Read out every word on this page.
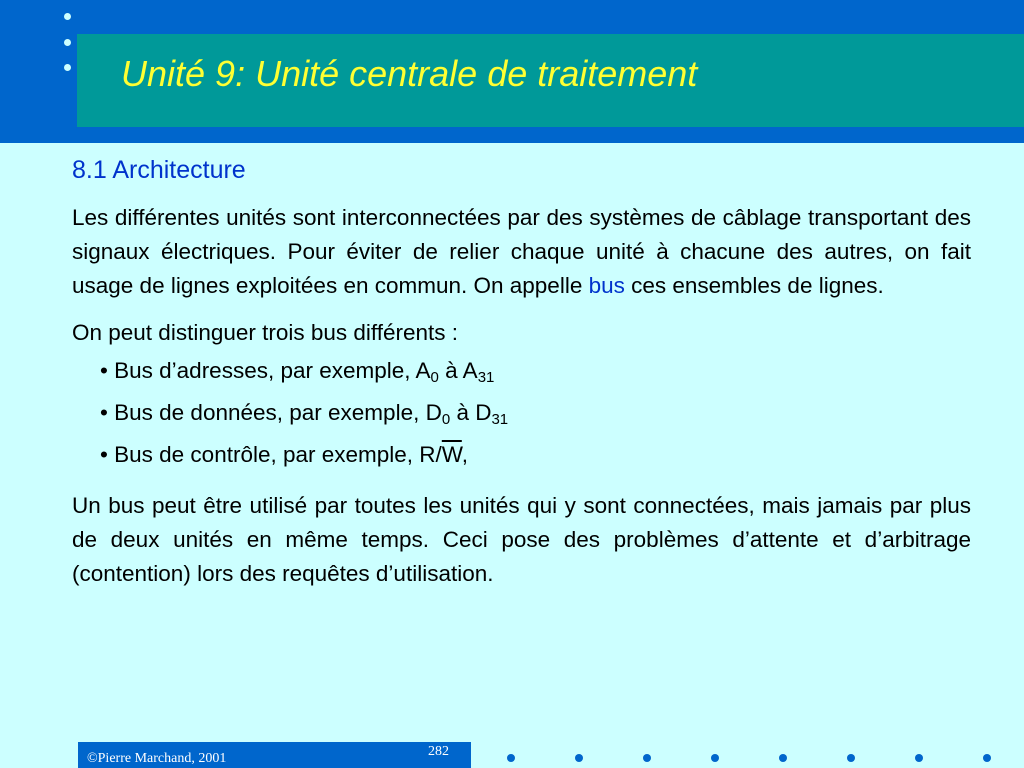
Unité 9: Unité centrale de traitement
8.1 Architecture

Les différentes unités sont interconnectées par des systèmes de câblage transportant des signaux électriques. Pour éviter de relier chaque unité à chacune des autres, on fait usage de lignes exploitées en commun. On appelle bus ces ensembles de lignes.

On peut distinguer trois bus différents :

• Bus d’adresses, par exemple, $A_0$ à $A_{31}$
• Bus de données, par exemple, $D_0$ à $D_{31}$
• Bus de contrôle, par exemple, $R/\overline{W}$,

Un bus peut être utilisé par toutes les unités qui y sont connectées, mais jamais par plus de deux unités en même temps. Ceci pose des problèmes d’attente et d’arbitrage (contention) lors des requêtes d’utilisation.

©Pierre Marchand, 2001	282
